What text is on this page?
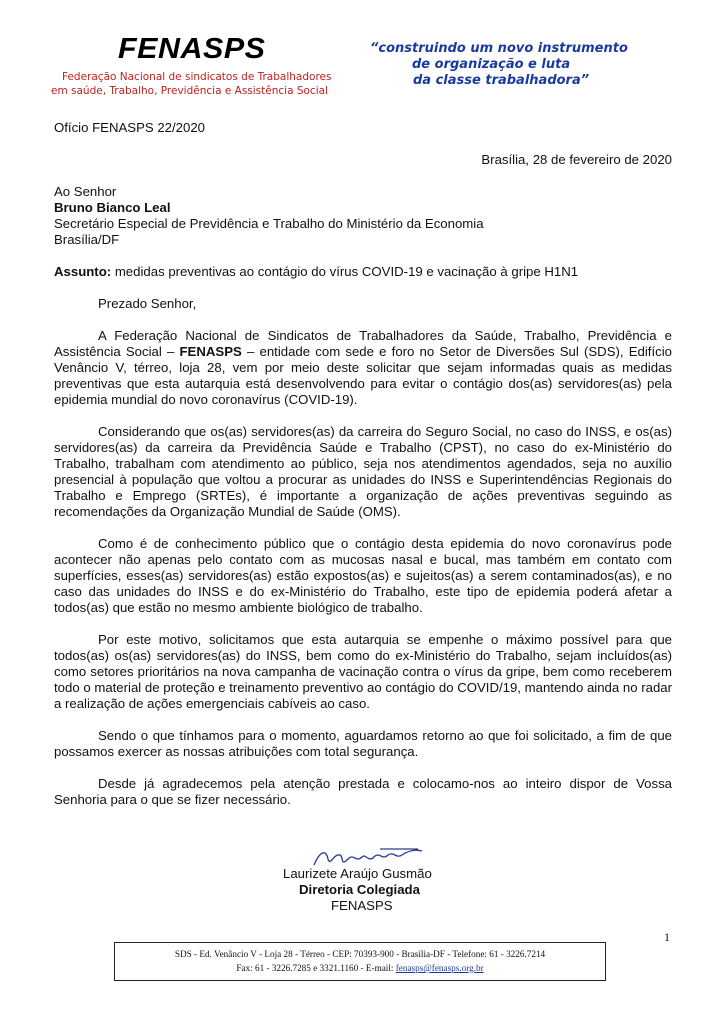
FENASPS
Federação Nacional de sindicatos de Trabalhadores
em saúde, Trabalho, Previdência e Assistência Social
“construindo um novo instrumento
de organização e luta
da classe trabalhadora”
Ofício FENASPS 22/2020
Brasília, 28 de fevereiro de 2020
Ao Senhor
Bruno Bianco Leal
Secretário Especial de Previdência e Trabalho do Ministério da Economia
Brasília/DF
Assunto: medidas preventivas ao contágio do vírus COVID-19 e vacinação à gripe H1N1
Prezado Senhor,
A Federação Nacional de Sindicatos de Trabalhadores da Saúde, Trabalho, Previdência e Assistência Social – FENASPS – entidade com sede e foro no Setor de Diversões Sul (SDS), Edifício Venâncio V, térreo, loja 28, vem por meio deste solicitar que sejam informadas quais as medidas preventivas que esta autarquia está desenvolvendo para evitar o contágio dos(as) servidores(as) pela epidemia mundial do novo coronavírus (COVID-19).
Considerando que os(as) servidores(as) da carreira do Seguro Social, no caso do INSS, e os(as) servidores(as) da carreira da Previdência Saúde e Trabalho (CPST), no caso do ex-Ministério do Trabalho, trabalham com atendimento ao público, seja nos atendimentos agendados, seja no auxílio presencial à população que voltou a procurar as unidades do INSS e Superintendências Regionais do Trabalho e Emprego (SRTEs), é importante a organização de ações preventivas seguindo as recomendações da Organização Mundial de Saúde (OMS).
Como é de conhecimento público que o contágio desta epidemia do novo coronavírus pode acontecer não apenas pelo contato com as mucosas nasal e bucal, mas também em contato com superfícies, esses(as) servidores(as) estão expostos(as) e sujeitos(as) a serem contaminados(as), e no caso das unidades do INSS e do ex-Ministério do Trabalho, este tipo de epidemia poderá afetar a todos(as) que estão no mesmo ambiente biológico de trabalho.
Por este motivo, solicitamos que esta autarquia se empenhe o máximo possível para que todos(as) os(as) servidores(as) do INSS, bem como do ex-Ministério do Trabalho, sejam incluídos(as) como setores prioritários na nova campanha de vacinação contra o vírus da gripe, bem como receberem todo o material de proteção e treinamento preventivo ao contágio do COVID/19, mantendo ainda no radar a realização de ações emergenciais cabíveis ao caso.
Sendo o que tínhamos para o momento, aguardamos retorno ao que foi solicitado, a fim de que possamos exercer as nossas atribuições com total segurança.
Desde já agradecemos pela atenção prestada e colocamo-nos ao inteiro dispor de Vossa Senhoria para o que se fizer necessário.
Laurizete Araújo Gusmão
Diretoria Colegiada
FENASPS
1
SDS - Ed. Venâncio V - Loja 28 - Térreo - CEP: 70393-900 - Brasília-DF - Telefone: 61 - 3226.7214
Fax: 61 - 3226.7285 e 3321.1160 - E-mail: fenasps@fenasps.org.br
